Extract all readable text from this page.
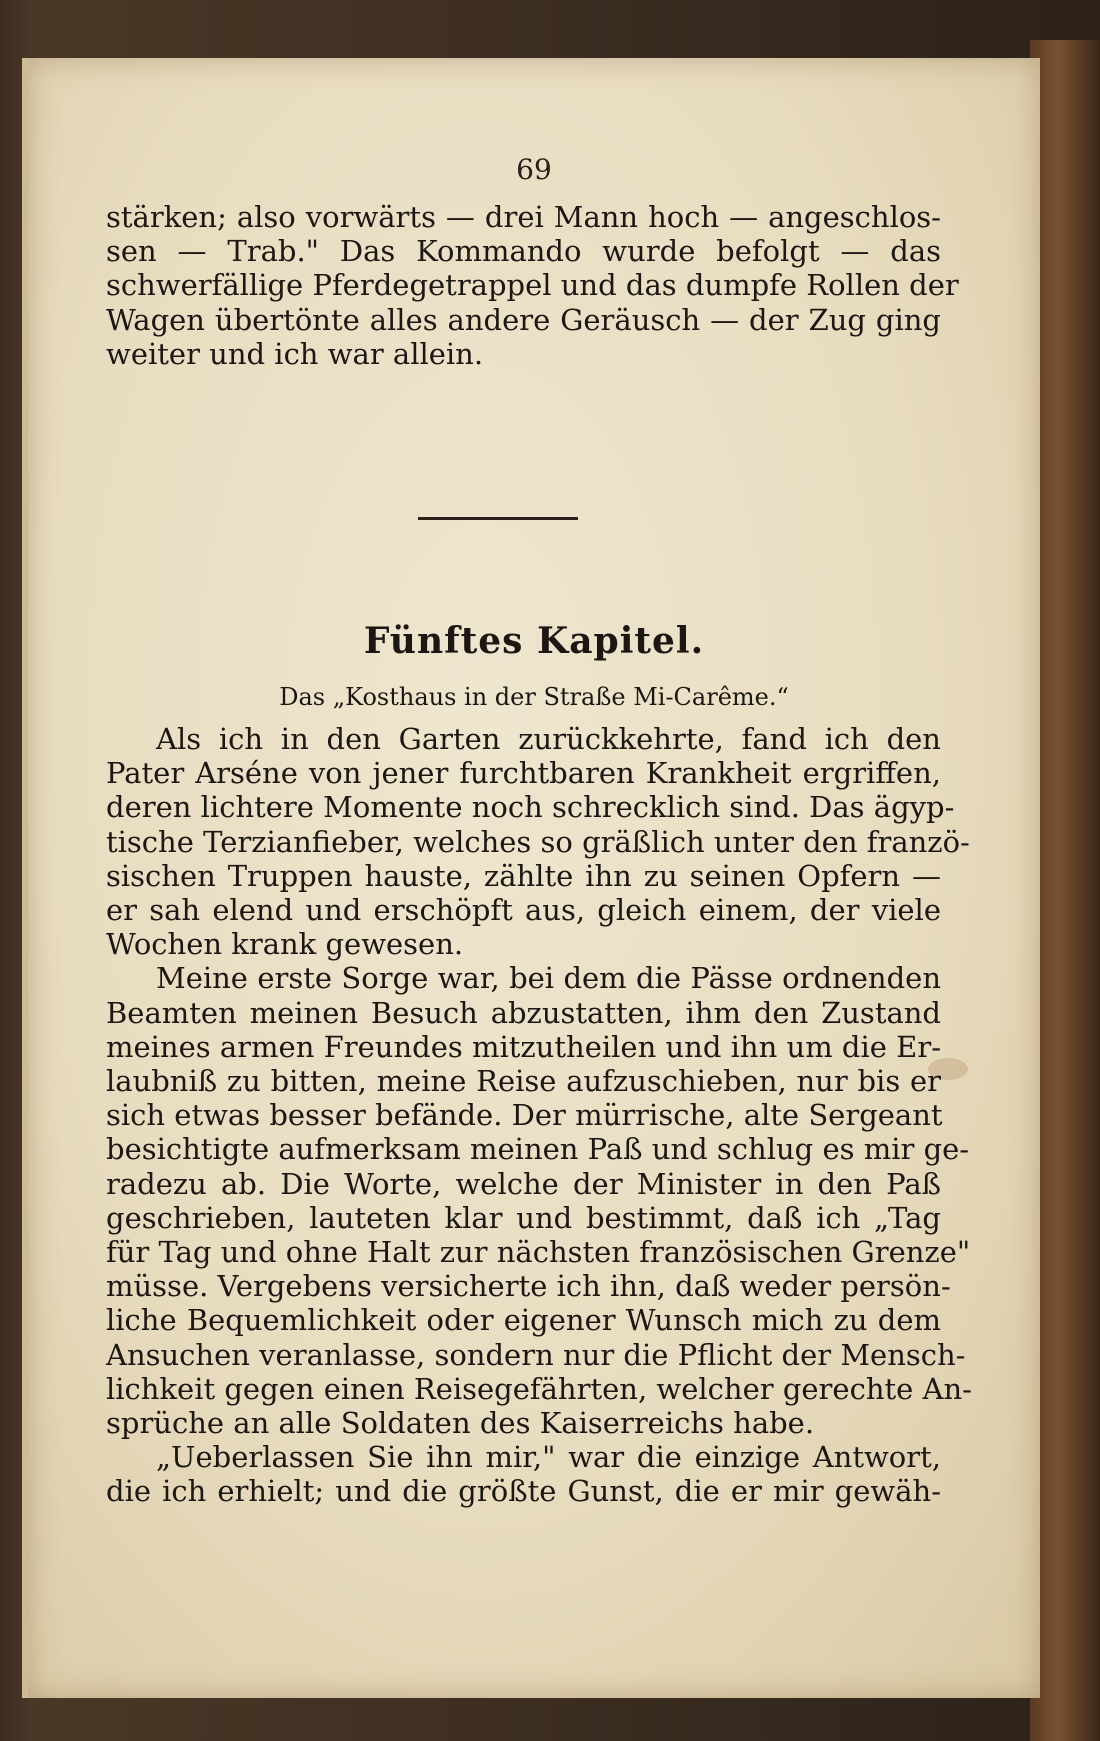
69
stärken; also vorwärts — drei Mann hoch — angeschlos-
sen — Trab." Das Kommando wurde befolgt — das
schwerfällige Pferdegetrappel und das dumpfe Rollen der
Wagen übertönte alles andere Geräusch — der Zug ging
weiter und ich war allein.
Fünftes Kapitel.
Das „Kosthaus in der Straße Mi-Carême.“
Als ich in den Garten zurückkehrte, fand ich den
Pater Arséne von jener furchtbaren Krankheit ergriffen,
deren lichtere Momente noch schrecklich sind. Das ägyp-
tische Terzianfieber, welches so gräßlich unter den franzö-
sischen Truppen hauste, zählte ihn zu seinen Opfern —
er sah elend und erschöpft aus, gleich einem, der viele
Wochen krank gewesen.
Meine erste Sorge war, bei dem die Pässe ordnenden
Beamten meinen Besuch abzustatten, ihm den Zustand
meines armen Freundes mitzutheilen und ihn um die Er-
laubniß zu bitten, meine Reise aufzuschieben, nur bis er
sich etwas besser befände. Der mürrische, alte Sergeant
besichtigte aufmerksam meinen Paß und schlug es mir ge-
radezu ab. Die Worte, welche der Minister in den Paß
geschrieben, lauteten klar und bestimmt, daß ich „Tag
für Tag und ohne Halt zur nächsten französischen Grenze"
müsse. Vergebens versicherte ich ihn, daß weder persön-
liche Bequemlichkeit oder eigener Wunsch mich zu dem
Ansuchen veranlasse, sondern nur die Pflicht der Mensch-
lichkeit gegen einen Reisegefährten, welcher gerechte An-
sprüche an alle Soldaten des Kaiserreichs habe.
„Ueberlassen Sie ihn mir," war die einzige Antwort,
die ich erhielt; und die größte Gunst, die er mir gewäh-
